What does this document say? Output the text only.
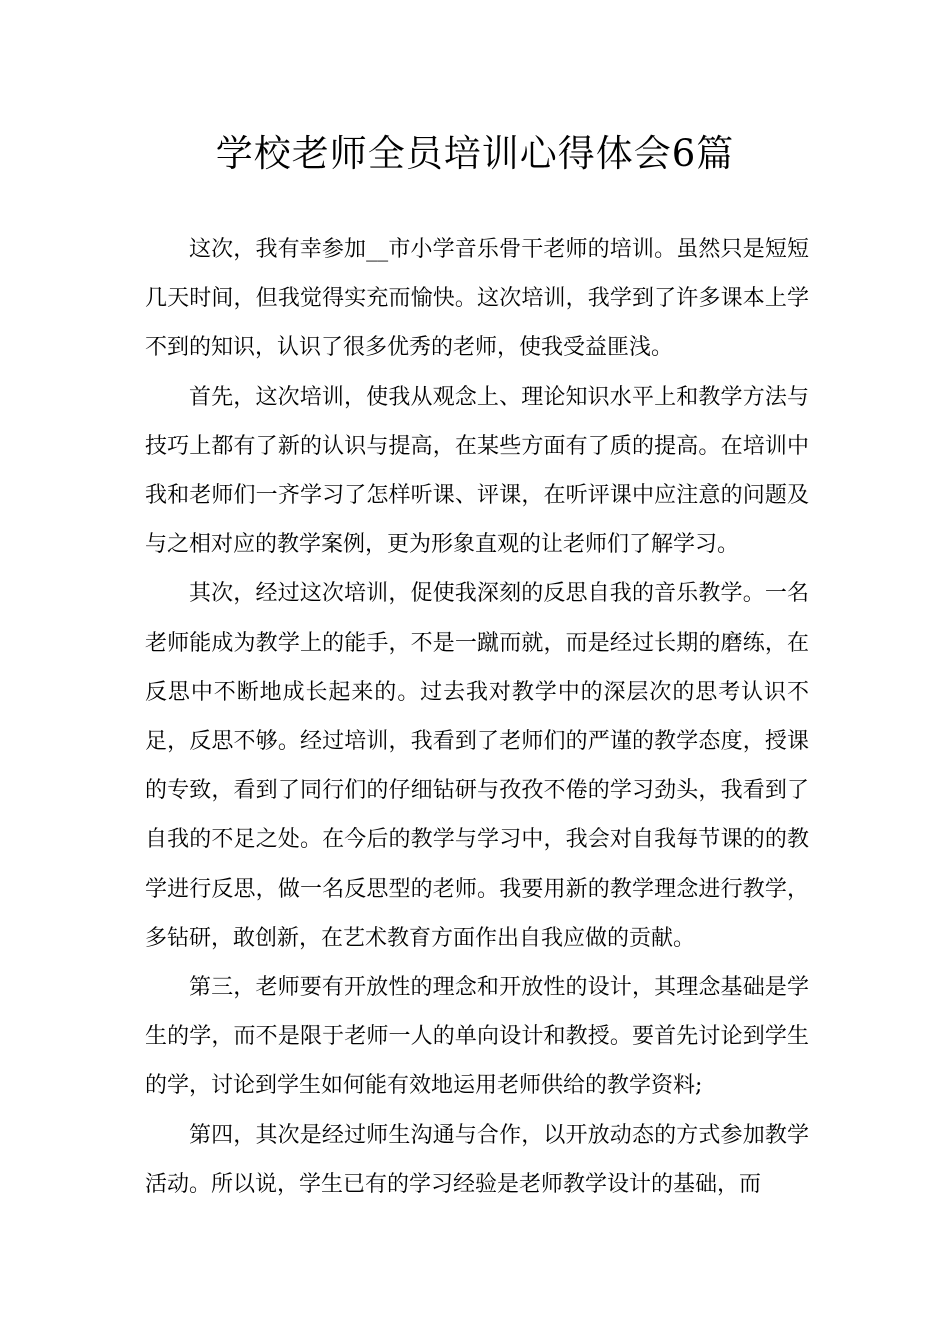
学校老师全员培训心得体会6篇

这次，我有幸参加__市小学音乐骨干老师的培训。虽然只是短短几天时间，但我觉得实充而愉快。这次培训，我学到了许多课本上学不到的知识，认识了很多优秀的老师，使我受益匪浅。

首先，这次培训，使我从观念上、理论知识水平上和教学方法与技巧上都有了新的认识与提高，在某些方面有了质的提高。在培训中我和老师们一齐学习了怎样听课、评课，在听评课中应注意的问题及与之相对应的教学案例，更为形象直观的让老师们了解学习。

其次，经过这次培训，促使我深刻的反思自我的音乐教学。一名老师能成为教学上的能手，不是一蹴而就，而是经过长期的磨练，在反思中不断地成长起来的。过去我对教学中的深层次的思考认识不足，反思不够。经过培训，我看到了老师们的严谨的教学态度，授课的专致，看到了同行们的仔细钻研与孜孜不倦的学习劲头，我看到了自我的不足之处。在今后的教学与学习中，我会对自我每节课的的教学进行反思，做一名反思型的老师。我要用新的教学理念进行教学，多钻研，敢创新，在艺术教育方面作出自我应做的贡献。

第三，老师要有开放性的理念和开放性的设计，其理念基础是学生的学，而不是限于老师一人的单向设计和教授。要首先讨论到学生的学，讨论到学生如何能有效地运用老师供给的教学资料;

第四，其次是经过师生沟通与合作，以开放动态的方式参加教学活动。所以说，学生已有的学习经验是老师教学设计的基础，而
